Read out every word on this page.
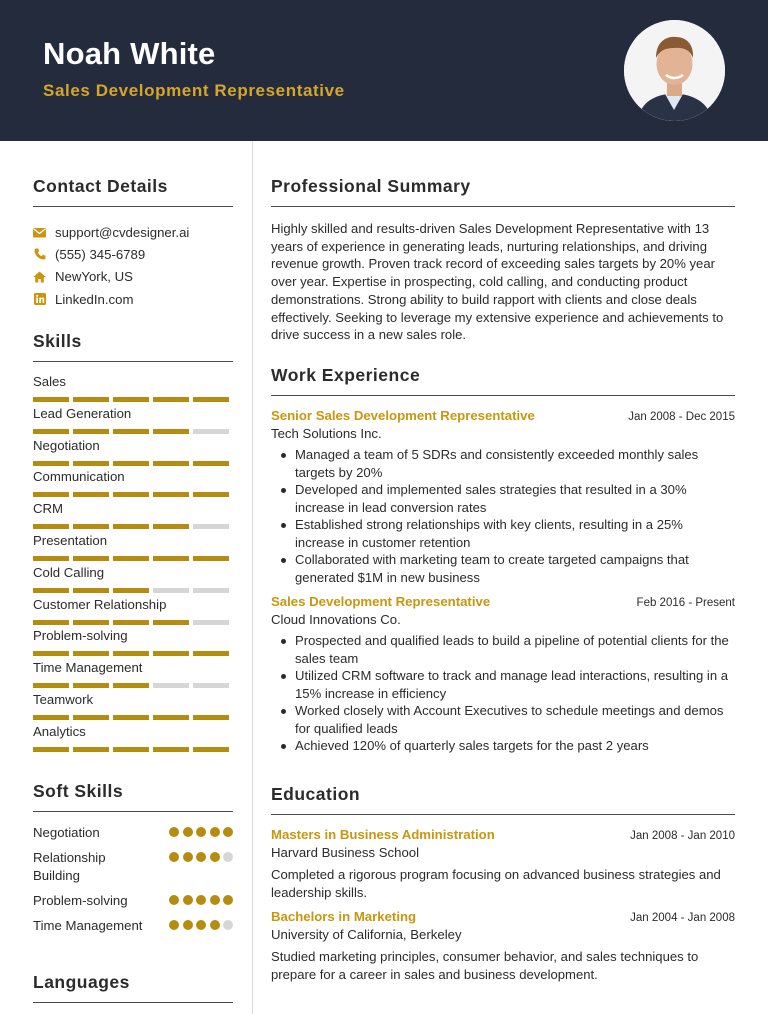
Noah White
Sales Development Representative
Contact Details
support@cvdesigner.ai
(555) 345-6789
NewYork, US
LinkedIn.com
Skills
Sales
Lead Generation
Negotiation
Communication
CRM
Presentation
Cold Calling
Customer Relationship
Problem-solving
Time Management
Teamwork
Analytics
Soft Skills
Negotiation
Relationship Building
Problem-solving
Time Management
Languages
Professional Summary
Highly skilled and results-driven Sales Development Representative with 13 years of experience in generating leads, nurturing relationships, and driving revenue growth. Proven track record of exceeding sales targets by 20% year over year. Expertise in prospecting, cold calling, and conducting product demonstrations. Strong ability to build rapport with clients and close deals effectively. Seeking to leverage my extensive experience and achievements to drive success in a new sales role.
Work Experience
Senior Sales Development Representative	Jan 2008 - Dec 2015
Tech Solutions Inc.
Managed a team of 5 SDRs and consistently exceeded monthly sales targets by 20%
Developed and implemented sales strategies that resulted in a 30% increase in lead conversion rates
Established strong relationships with key clients, resulting in a 25% increase in customer retention
Collaborated with marketing team to create targeted campaigns that generated $1M in new business
Sales Development Representative	Feb 2016 - Present
Cloud Innovations Co.
Prospected and qualified leads to build a pipeline of potential clients for the sales team
Utilized CRM software to track and manage lead interactions, resulting in a 15% increase in efficiency
Worked closely with Account Executives to schedule meetings and demos for qualified leads
Achieved 120% of quarterly sales targets for the past 2 years
Education
Masters in Business Administration	Jan 2008 - Jan 2010
Harvard Business School
Completed a rigorous program focusing on advanced business strategies and leadership skills.
Bachelors in Marketing	Jan 2004 - Jan 2008
University of California, Berkeley
Studied marketing principles, consumer behavior, and sales techniques to prepare for a career in sales and business development.
